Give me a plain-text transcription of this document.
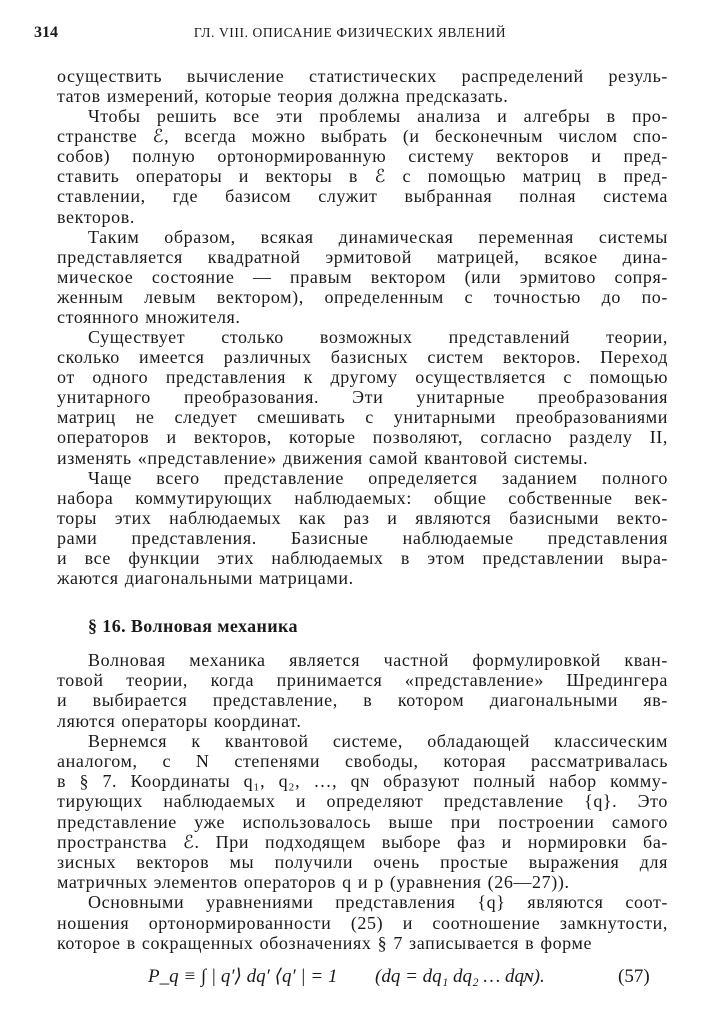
314	ГЛ. VIII. ОПИСАНИЕ ФИЗИЧЕСКИХ ЯВЛЕНИЙ
осуществить вычисление статистических распределений резуль-
татов измерений, которые теория должна предсказать.
Чтобы решить все эти проблемы анализа и алгебры в про-
странстве ℰ, всегда можно выбрать (и бесконечным числом спо-
собов) полную ортонормированную систему векторов и пред-
ставить операторы и векторы в ℰ с помощью матриц в пред-
ставлении, где базисом служит выбранная полная система
векторов.
Таким образом, всякая динамическая переменная системы
представляется квадратной эрмитовой матрицей, всякое дина-
мическое состояние — правым вектором (или эрмитово сопря-
женным левым вектором), определенным с точностью до по-
стоянного множителя.
Существует столько возможных представлений теории,
сколько имеется различных базисных систем векторов. Переход
от одного представления к другому осуществляется с помощью
унитарного преобразования. Эти унитарные преобразования
матриц не следует смешивать с унитарными преобразованиями
операторов и векторов, которые позволяют, согласно разделу II,
изменять «представление» движения самой квантовой системы.
Чаще всего представление определяется заданием полного
набора коммутирующих наблюдаемых: общие собственные век-
торы этих наблюдаемых как раз и являются базисными векто-
рами представления. Базисные наблюдаемые представления
и все функции этих наблюдаемых в этом представлении выра-
жаются диагональными матрицами.
§ 16. Волновая механика
Волновая механика является частной формулировкой кван-
товой теории, когда принимается «представление» Шредингера
и выбирается представление, в котором диагональными яв-
ляются операторы координат.
Вернемся к квантовой системе, обладающей классическим
аналогом, с N степенями свободы, которая рассматривалась
в § 7. Координаты q₁, q₂, …, qɴ образуют полный набор комму-
тирующих наблюдаемых и определяют представление {q}. Это
представление уже использовалось выше при построении самого
пространства ℰ. При подходящем выборе фаз и нормировки ба-
зисных векторов мы получили очень простые выражения для
матричных элементов операторов q и p (уравнения (26—27)).
Основными уравнениями представления {q} являются соот-
ношения ортонормированности (25) и соотношение замкнутости,
которое в сокращенных обозначениях § 7 записывается в форме
P_q ≡ ∫ | q′⟩ dq′ ⟨q′ | = 1 (dq = dq₁ dq₂ … dqɴ).	(57)
